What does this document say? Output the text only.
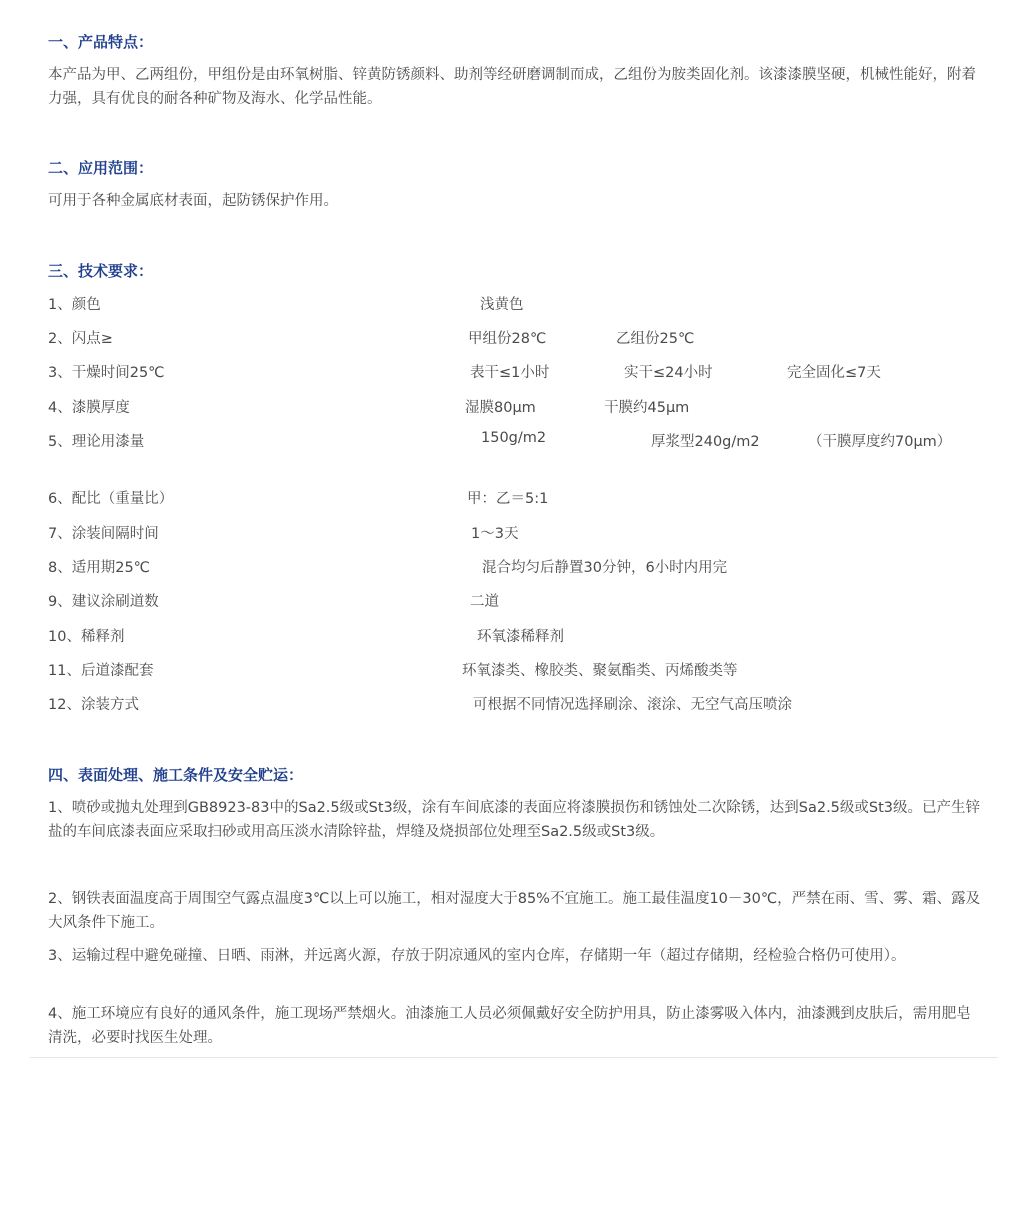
一、产品特点：

本产品为甲、乙两组份，甲组份是由环氧树脂、锌黄防锈颜料、助剂等经研磨调制而成，乙组份为胺类固化剂。该漆漆膜坚硬，机械性能好，附着力强，具有优良的耐各种矿物及海水、化学品性能。

二、应用范围：

可用于各种金属底材表面，起防锈保护作用。

三、技术要求：
1、颜色	浅黄色
2、闪点≥	甲组份28℃	乙组份25℃
3、干燥时间25℃	表干≤1小时	实干≤24小时	完全固化≤7天
4、漆膜厚度	湿膜80μm	干膜约45μm
5、理论用漆量	150g/m2	厚浆型240g/m2	（干膜厚度约70μm）
6、配比（重量比）	甲：乙＝5:1
7、涂装间隔时间	1～3天
8、适用期25℃	混合均匀后静置30分钟，6小时内用完
9、建议涂刷道数	二道
10、稀释剂	环氧漆稀释剂
11、后道漆配套	环氧漆类、橡胶类、聚氨酯类、丙烯酸类等
12、涂装方式	可根据不同情况选择刷涂、滚涂、无空气高压喷涂
四、表面处理、施工条件及安全贮运：

1、喷砂或抛丸处理到GB8923-83中的Sa2.5级或St3级，涂有车间底漆的表面应将漆膜损伤和锈蚀处二次除锈，达到Sa2.5级或St3级。已产生锌盐的车间底漆表面应采取扫砂或用高压淡水清除锌盐，焊缝及烧损部位处理至Sa2.5级或St3级。

2、钢铁表面温度高于周围空气露点温度3℃以上可以施工，相对湿度大于85%不宜施工。施工最佳温度10－30℃，严禁在雨、雪、雾、霜、露及大风条件下施工。

3、运输过程中避免碰撞、日晒、雨淋，并远离火源，存放于阴凉通风的室内仓库，存储期一年（超过存储期，经检验合格仍可使用）。

4、施工环境应有良好的通风条件，施工现场严禁烟火。油漆施工人员必须佩戴好安全防护用具，防止漆雾吸入体内，油漆溅到皮肤后，需用肥皂清洗，必要时找医生处理。
